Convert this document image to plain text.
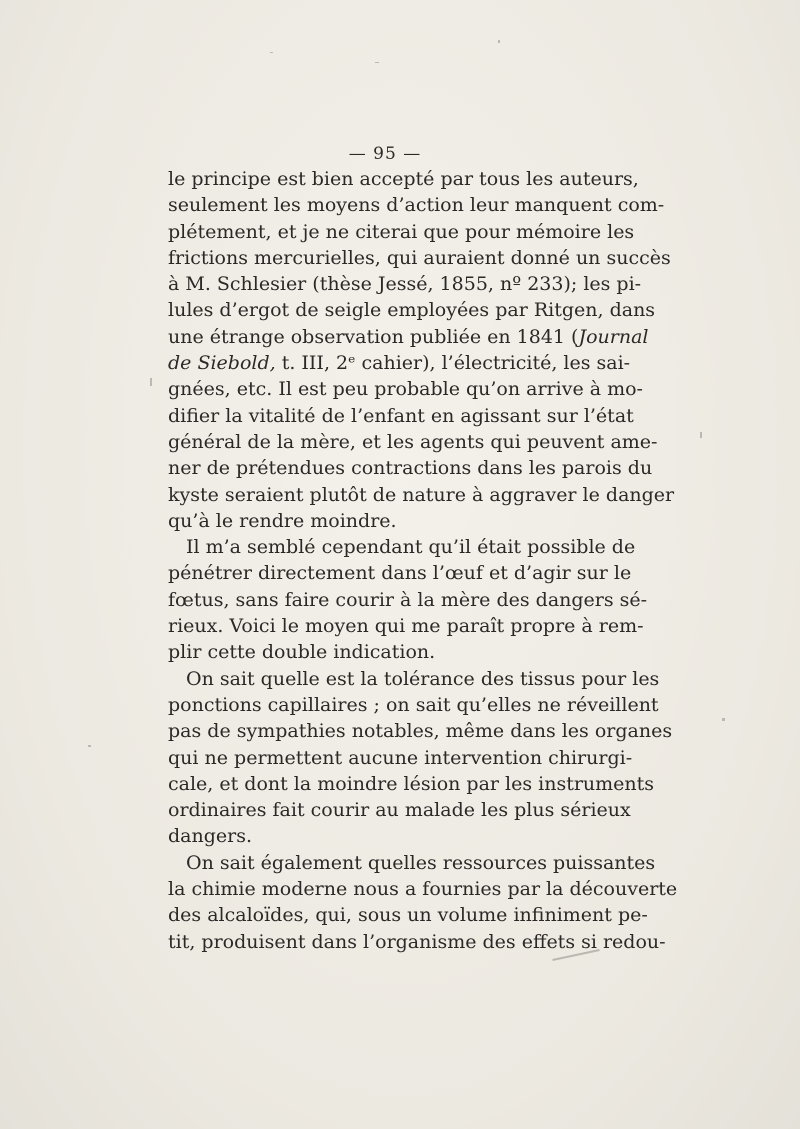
— 95 —
le principe est bien accepté par tous les auteurs,
seulement les moyens d’action leur manquent com-
plétement, et je ne citerai que pour mémoire les
frictions mercurielles, qui auraient donné un succès
à M. Schlesier (thèse Jessé, 1855, nº 233); les pi-
lules d’ergot de seigle employées par Ritgen, dans
une étrange observation publiée en 1841 (Journal
de Siebold, t. III, 2ᵉ cahier), l’électricité, les sai-
gnées, etc. Il est peu probable qu’on arrive à mo-
difier la vitalité de l’enfant en agissant sur l’état
général de la mère, et les agents qui peuvent ame-
ner de prétendues contractions dans les parois du
kyste seraient plutôt de nature à aggraver le danger
qu’à le rendre moindre.
Il m’a semblé cependant qu’il était possible de
pénétrer directement dans l’œuf et d’agir sur le
fœtus, sans faire courir à la mère des dangers sé-
rieux. Voici le moyen qui me paraît propre à rem-
plir cette double indication.
On sait quelle est la tolérance des tissus pour les
ponctions capillaires ; on sait qu’elles ne réveillent
pas de sympathies notables, même dans les organes
qui ne permettent aucune intervention chirurgi-
cale, et dont la moindre lésion par les instruments
ordinaires fait courir au malade les plus sérieux
dangers.
On sait également quelles ressources puissantes
la chimie moderne nous a fournies par la découverte
des alcaloïdes, qui, sous un volume infiniment pe-
tit, produisent dans l’organisme des effets si redou-
